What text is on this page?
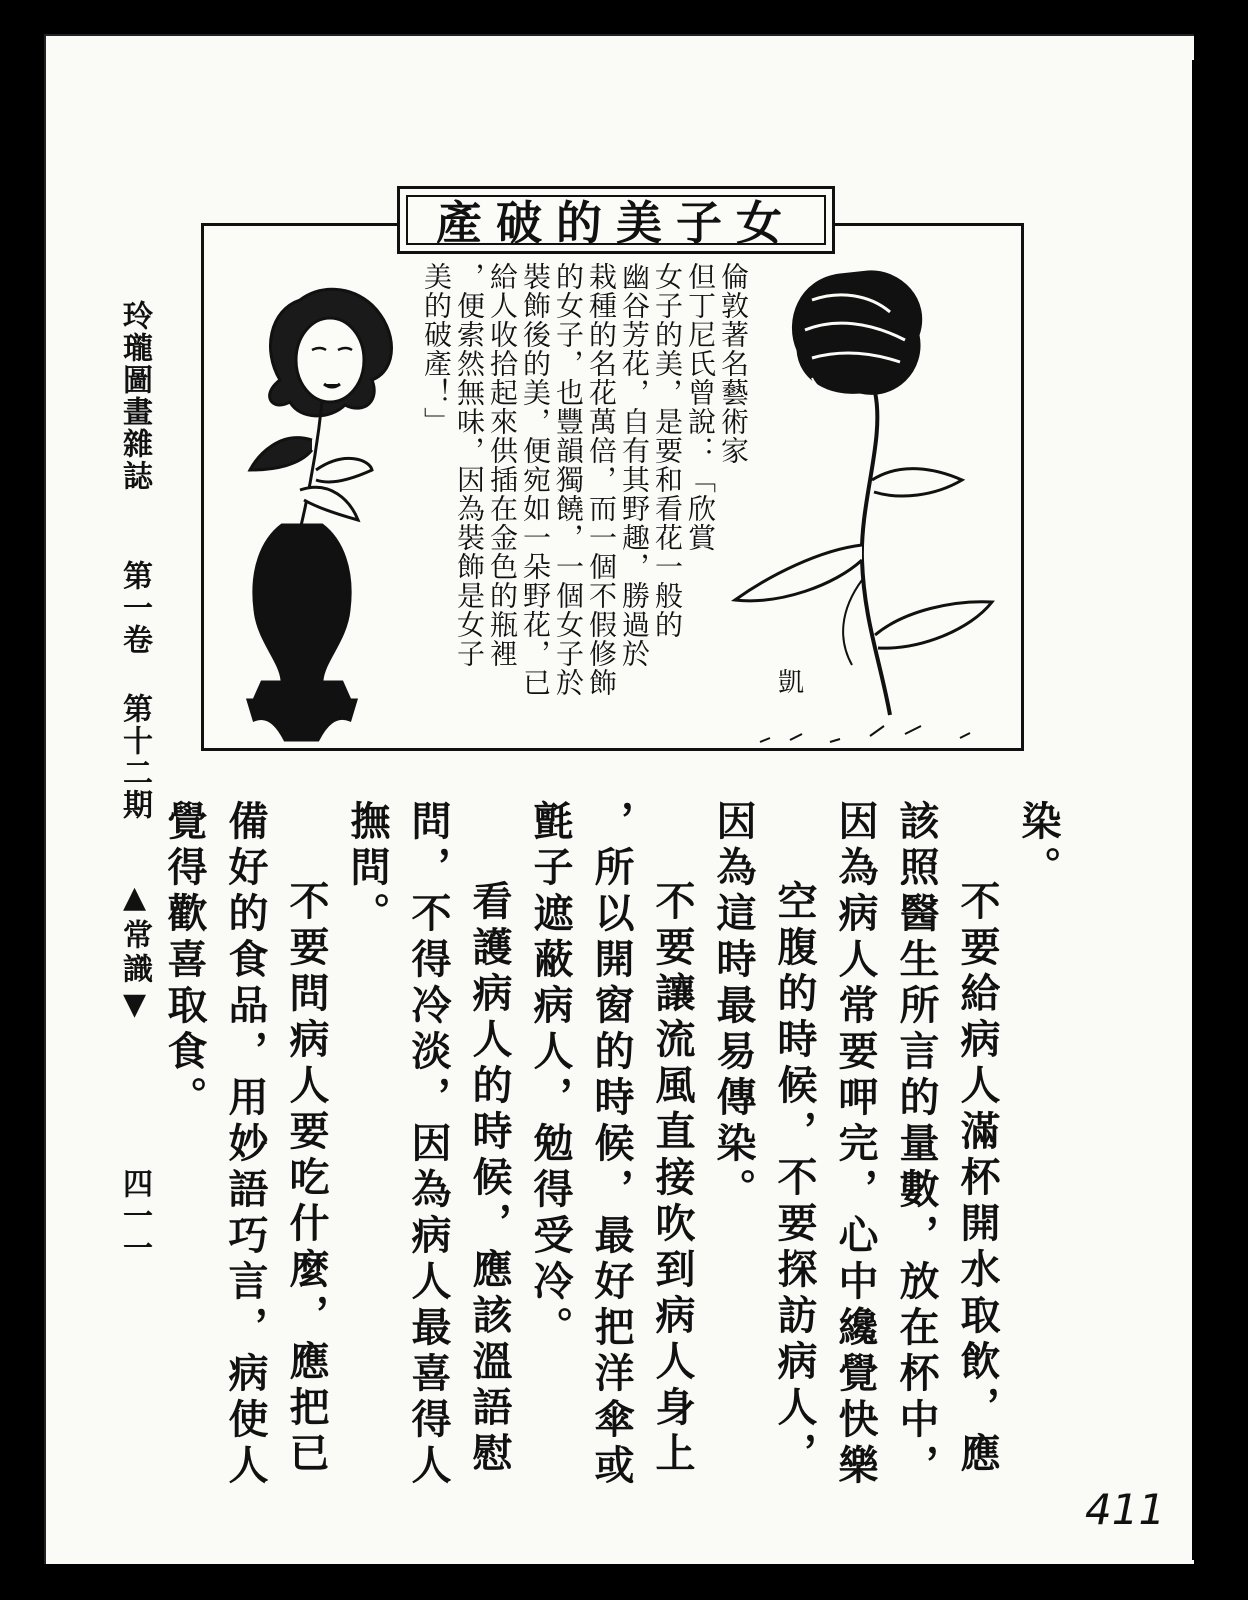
玲瓏圖畫雜誌
第一卷 第十二期
▲常識▼
四一一
女子美的破產
倫敦著名藝術家
但丁尼氏曾說：「欣賞
女子的美，是要和看花一般的
幽谷芳花，自有其野趣，勝過於
栽種的名花萬倍，而一個不假修飾
的女子，也豐韻獨饒，一個女子於
裝飾後的美，便宛如一朵野花，已
給人收拾起來供插在金色的瓶裡
，便索然無味，因為裝飾是女子
美的破產！」
凱
411
染。
不要給病人滿杯開水取飲，應
該照醫生所言的量數，放在杯中，
因為病人常要呷完，心中纔覺快樂
空腹的時候，不要探訪病人，
因為這時最易傳染。
不要讓流風直接吹到病人身上
，所以開窗的時候，最好把洋傘或
氈子遮蔽病人，勉得受冷。
看護病人的時候，應該溫語慰
問，不得冷淡，因為病人最喜得人
撫問。
不要問病人要吃什麼，應把已
備好的食品，用妙語巧言，病使人
覺得歡喜取食。
